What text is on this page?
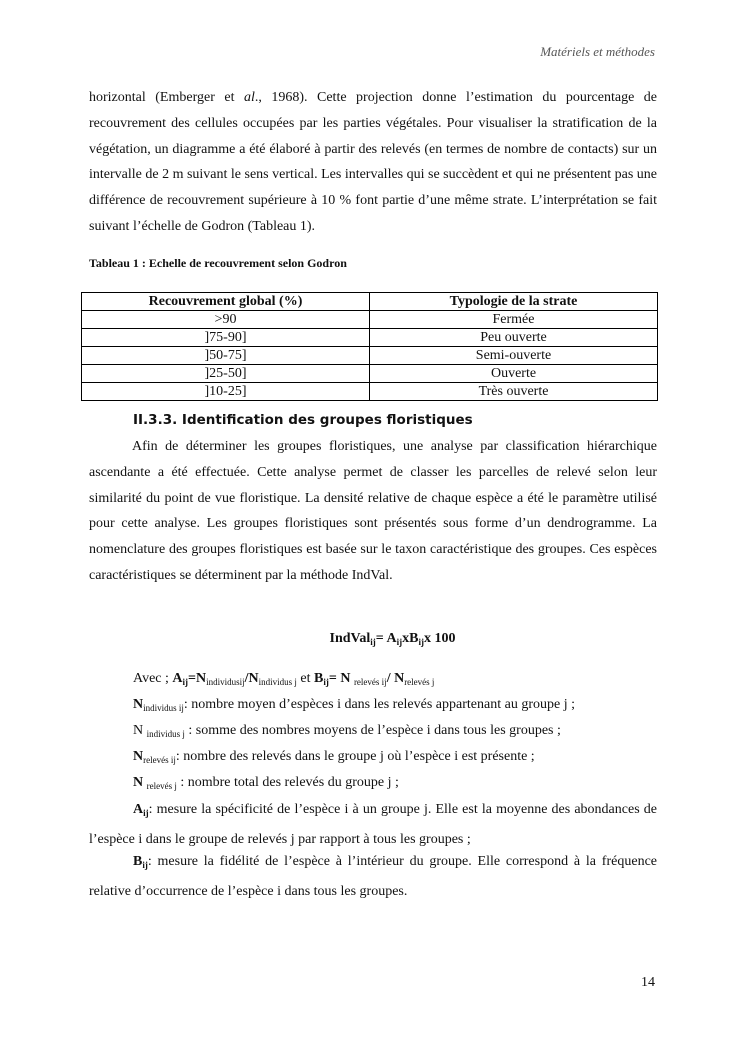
Matériels et méthodes
horizontal (Emberger et al., 1968). Cette projection donne l’estimation du pourcentage de recouvrement des cellules occupées par les parties végétales. Pour visualiser la stratification de la végétation, un diagramme a été élaboré à partir des relevés (en termes de nombre de contacts) sur un intervalle de 2 m suivant le sens vertical. Les intervalles qui se succèdent et qui ne présentent pas une différence de recouvrement supérieure à 10 % font partie d’une même strate. L’interprétation se fait suivant l’échelle de Godron (Tableau 1).
Tableau 1 : Echelle de recouvrement selon Godron
Recouvrement global (%)	Typologie de la strate
>90	Fermée
]75-90]	Peu ouverte
]50-75]	Semi-ouverte
]25-50]	Ouverte
]10-25]	Très ouverte
II.3.3. Identification des groupes floristiques
Afin de déterminer les groupes floristiques, une analyse par classification hiérarchique ascendante a été effectuée. Cette analyse permet de classer les parcelles de relevé selon leur similarité du point de vue floristique. La densité relative de chaque espèce a été le paramètre utilisé pour cette analyse. Les groupes floristiques sont présentés sous forme d’un dendrogramme. La nomenclature des groupes floristiques est basée sur le taxon caractéristique des groupes. Ces espèces caractéristiques se déterminent par la méthode IndVal.
IndVal$_{ij}$= $A_{ij}xB_{ij}x$ 100
Avec ; $A_{ij}=N_{individusij}/N_{individus j}$ et $B_{ij}= N$ $_{relevés ij}$/ $N_{relevés j}$
$N_{individus ij}$: nombre moyen d’espèces i dans les relevés appartenant au groupe j ;
N $_{individus j}$ : somme des nombres moyens de l’espèce i dans tous les groupes ;
$N_{relevés ij}$: nombre des relevés dans le groupe j où l’espèce i est présente ;
N $_{relevés j}$ : nombre total des relevés du groupe j ;
$A_{ij}$: mesure la spécificité de l’espèce i à un groupe j. Elle est la moyenne des abondances de l’espèce i dans le groupe de relevés j par rapport à tous les groupes ;
$B_{ij}$: mesure la fidélité de l’espèce à l’intérieur du groupe. Elle correspond à la fréquence relative d’occurrence de l’espèce i dans tous les groupes.
14
